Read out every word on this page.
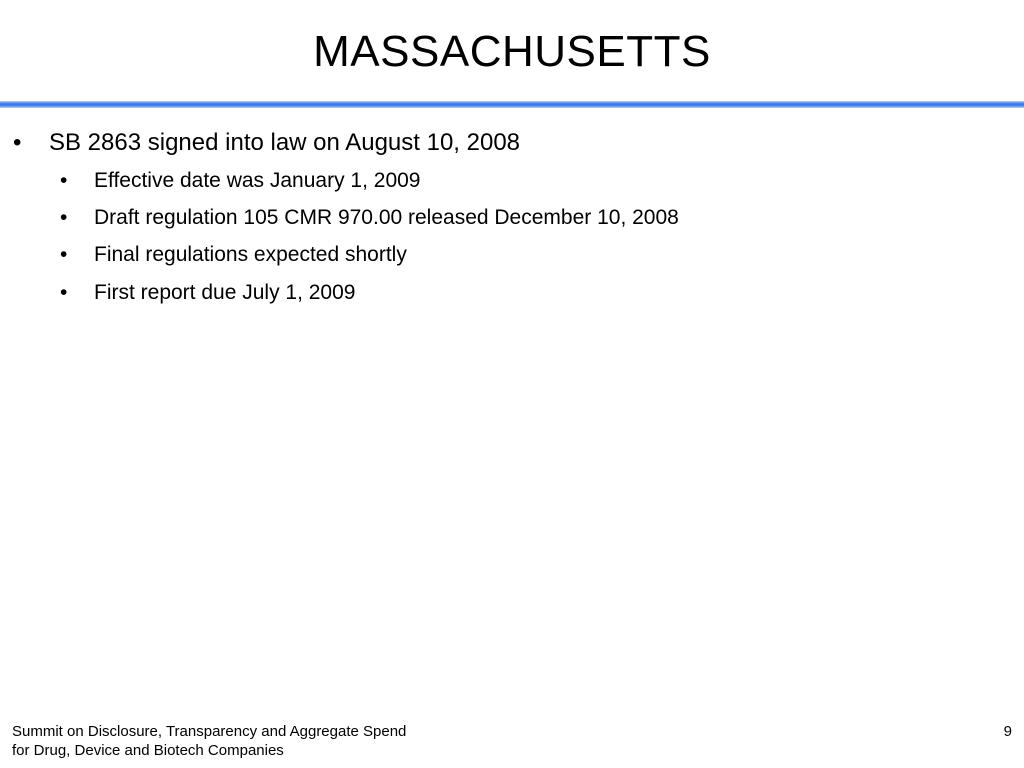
MASSACHUSETTS
• SB 2863 signed into law on August 10, 2008
• Effective date was January 1, 2009
• Draft regulation 105 CMR 970.00 released December 10, 2008
• Final regulations expected shortly
• First report due July 1, 2009
Summit on Disclosure, Transparency and Aggregate Spend
for Drug, Device and Biotech Companies
9
